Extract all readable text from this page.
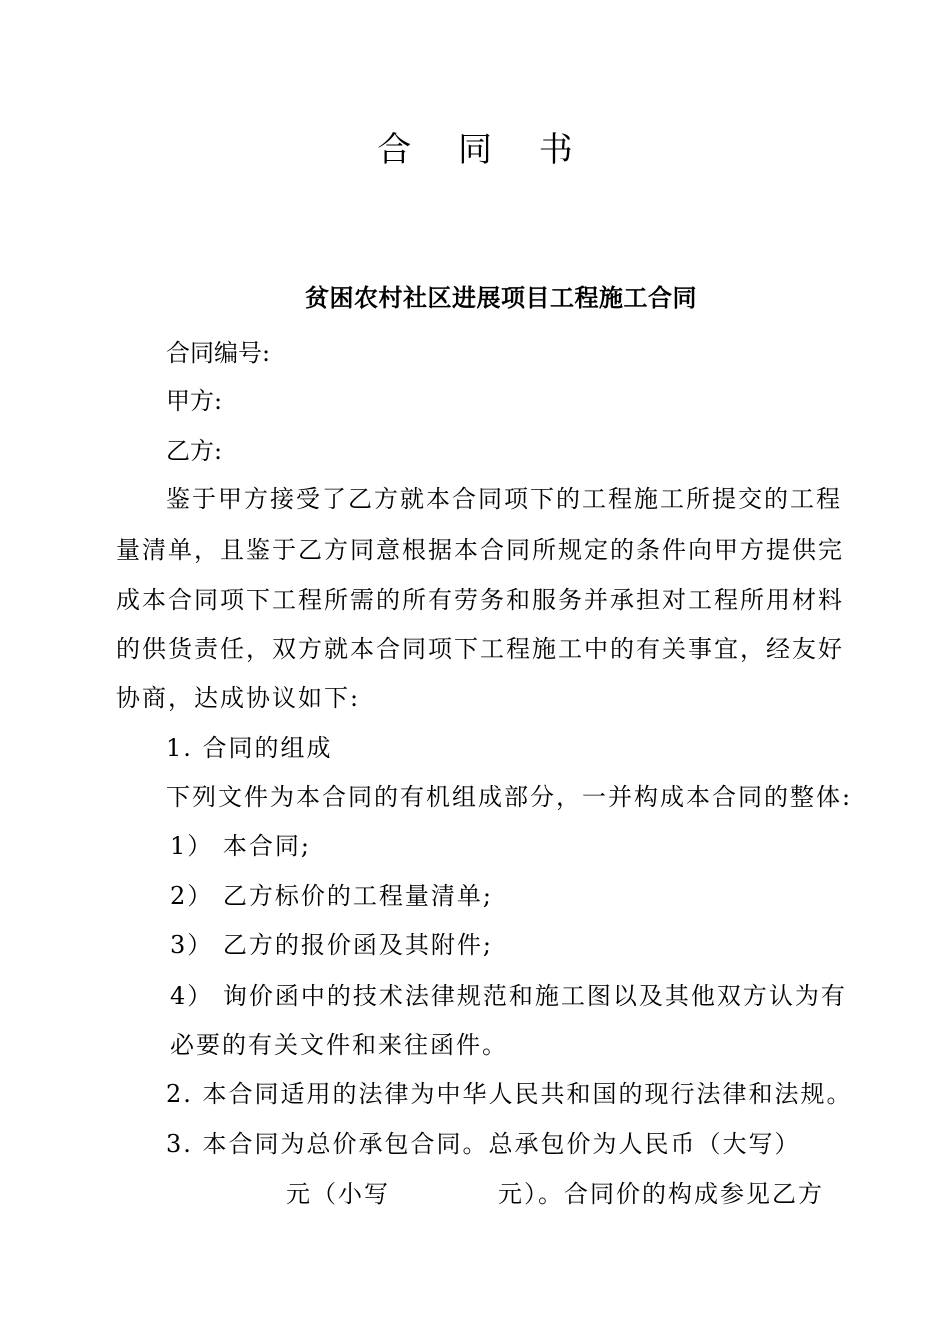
合 同 书
贫困农村社区进展项目工程施工合同
合同编号:
甲方:
乙方:
鉴于甲方接受了乙方就本合同项下的工程施工所提交的工程
量清单，且鉴于乙方同意根据本合同所规定的条件向甲方提供完
成本合同项下工程所需的所有劳务和服务并承担对工程所用材料
的供货责任，双方就本合同项下工程施工中的有关事宜，经友好
协商，达成协议如下:
1. 合同的组成
下列文件为本合同的有机组成部分，一并构成本合同的整体:
1） 本合同;
2） 乙方标价的工程量清单;
3） 乙方的报价函及其附件;
4） 询价函中的技术法律规范和施工图以及其他双方认为有
必要的有关文件和来往函件。
2. 本合同适用的法律为中华人民共和国的现行法律和法规。
3. 本合同为总价承包合同。总承包价为人民币（大写）
元（小写	元）。合同价的构成参见乙方
